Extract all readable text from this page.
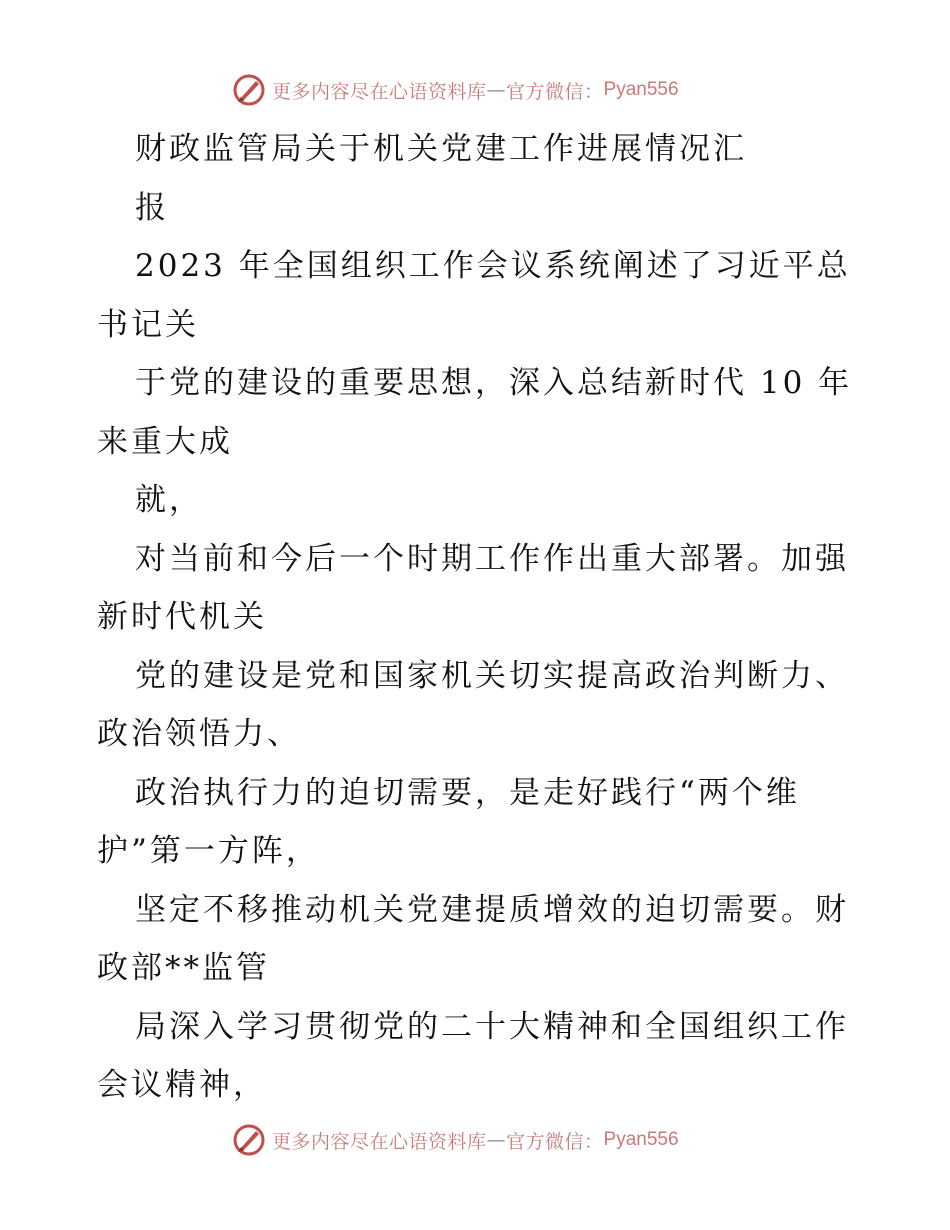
更多内容尽在心语资料库 — 官方微信 ： Pyan556
财政监管局关于机关党建工作进展情况汇
报
2023 年全国组织工作会议系统阐述了习近平总
书记关
于党的建设的重要思想，深入总结新时代 10 年
来重大成
就，
对当前和今后一个时期工作作出重大部署。加强
新时代机关
党的建设是党和国家机关切实提高政治判断力、
政治领悟力、
政治执行力的迫切需要，是走好践行“两个维
护”第一方阵，
坚定不移推动机关党建提质增效的迫切需要。财
政部**监管
局深入学习贯彻党的二十大精神和全国组织工作
会议精神，
更多内容尽在心语资料库 — 官方微信 ： Pyan556
